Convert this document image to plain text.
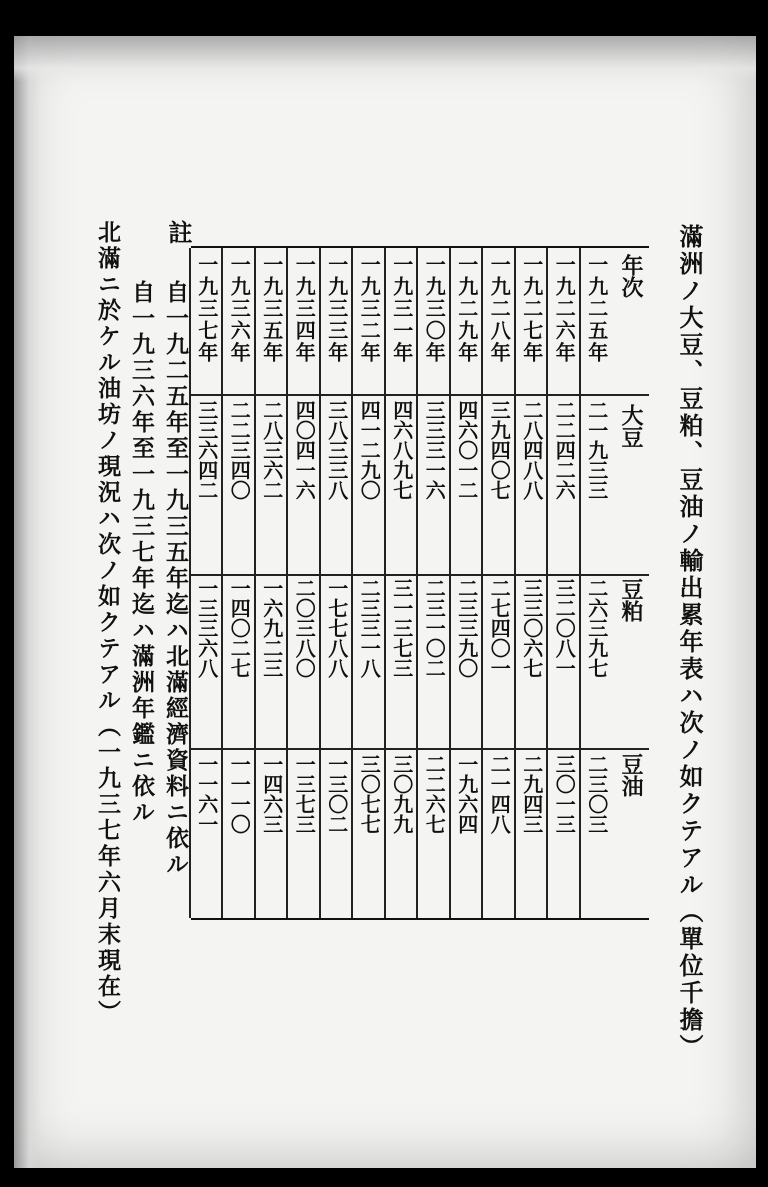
滿洲ノ大豆、豆粕、豆油ノ輸出累年表ハ次ノ如クテアル（單位千擔）
年次
大豆
豆粕
豆油
一九二五年
二一九三三
二六三九七
二三〇三
一九二六年
二二四二六
三二〇八一
三〇一三
一九二七年
二八四八八
三三〇六七
二九四三
一九二八年
三九四〇七
二七四〇一
二一四八
一九二九年
四六〇一二
二三三九〇
一九六四
一九三〇年
三三三一六
二三一〇二
二二六七
一九三一年
四六八九七
三一三七三
三〇九九
一九三二年
四一二九〇
二三三一八
三〇七七
一九三三年
三八三三八
一七七八八
一三〇二
一九三四年
四〇四一六
二〇三八〇
一三七三
一九三五年
二八三六二
一六九二三
一四六三
一九三六年
二二三四〇
一四〇二七
一一一〇
一九三七年
三三六四二
一三三六八
一一六一
註
自一九二五年至一九三五年迄ハ北滿經濟資料ニ依ル
自一九三六年至一九三七年迄ハ滿洲年鑑ニ依ル
北滿ニ於ケル油坊ノ現況ハ次ノ如クテアル（一九三七年六月末現在）
